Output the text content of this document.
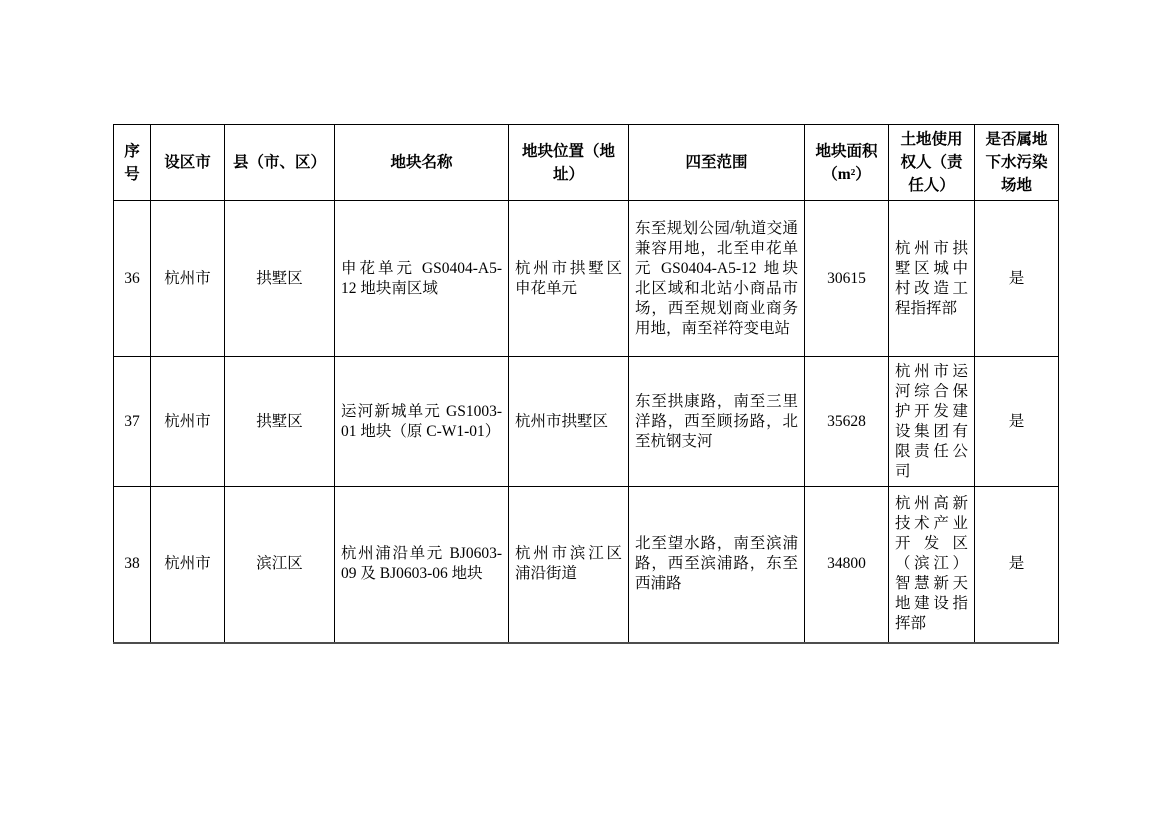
序号	设区市	县（市、区）	地块名称	地块位置（地址）	四至范围	地块面积（m²）	土地使用权人（责任人）	是否属地下水污染场地
36	杭州市	拱墅区	申花单元 GS0404-A5-12 地块南区域	杭州市拱墅区申花单元	东至规划公园/轨道交通兼容用地，北至申花单元 GS0404-A5-12 地块北区域和北站小商品市场，西至规划商业商务用地，南至祥符变电站	30615	杭州市拱墅区城中村改造工程指挥部	是
37	杭州市	拱墅区	运河新城单元 GS1003-01 地块（原 C-W1-01）	杭州市拱墅区	东至拱康路，南至三里洋路，西至顾扬路，北至杭钢支河	35628	杭州市运河综合保护开发建设集团有限责任公司	是
38	杭州市	滨江区	杭州浦沿单元 BJ0603-09 及 BJ0603-06 地块	杭州市滨江区浦沿街道	北至望水路，南至滨浦路，西至滨浦路，东至西浦路	34800	杭州高新技术产业开发区（滨江）智慧新天地建设指挥部	是
